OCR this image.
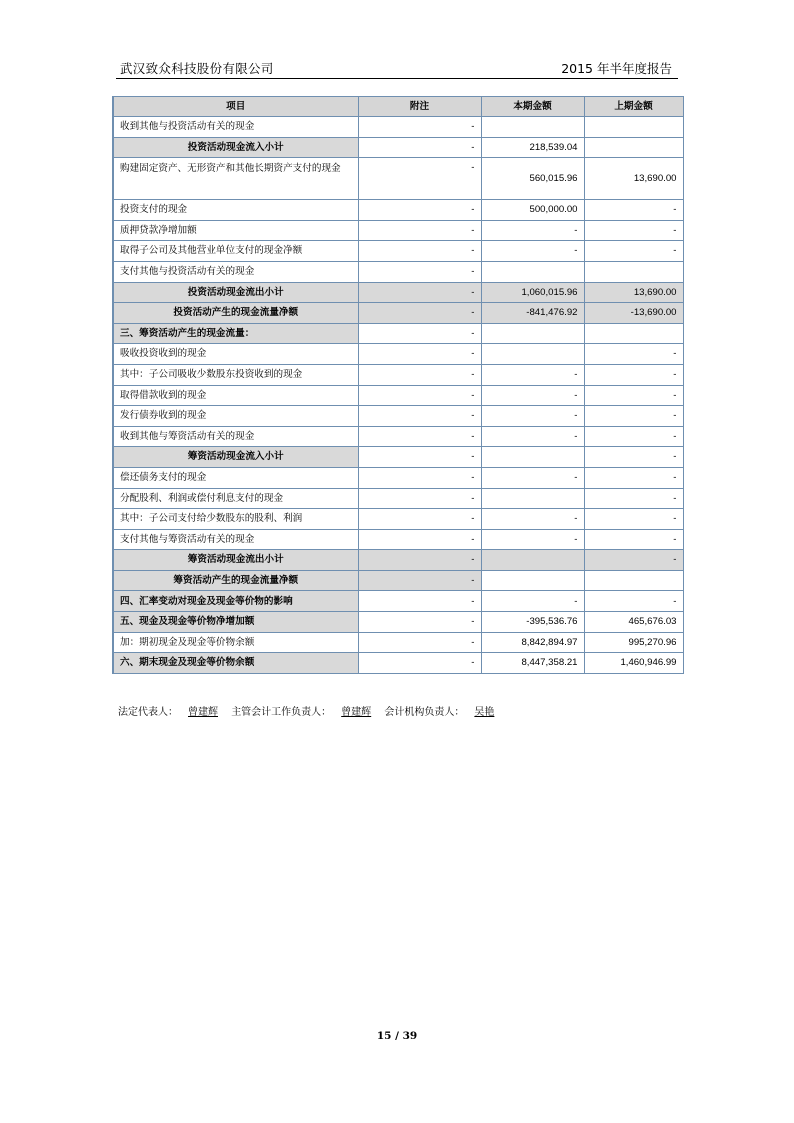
武汉致众科技股份有限公司	2015 年半年度报告
项目	附注	本期金额	上期金额
收到其他与投资活动有关的现金	-		
投资活动现金流入小计	-	218,539.04	
购建固定资产、无形资产和其他长期资产支付的现金	-	560,015.96	13,690.00
投资支付的现金	-	500,000.00	-
质押贷款净增加额	-	-	-
取得子公司及其他营业单位支付的现金净额	-	-	-
支付其他与投资活动有关的现金	-		
投资活动现金流出小计	-	1,060,015.96	13,690.00
投资活动产生的现金流量净额	-	-841,476.92	-13,690.00
三、筹资活动产生的现金流量：	-		
吸收投资收到的现金	-		-
其中：子公司吸收少数股东投资收到的现金	-	-	-
取得借款收到的现金	-	-	-
发行债券收到的现金	-	-	-
收到其他与筹资活动有关的现金	-	-	-
筹资活动现金流入小计	-		-
偿还债务支付的现金	-	-	-
分配股利、利润或偿付利息支付的现金	-		-
其中：子公司支付给少数股东的股利、利润	-	-	-
支付其他与筹资活动有关的现金	-	-	-
筹资活动现金流出小计	-		-
筹资活动产生的现金流量净额	-		
四、汇率变动对现金及现金等价物的影响	-	-	-
五、现金及现金等价物净增加额	-	-395,536.76	465,676.03
加：期初现金及现金等价物余额	-	8,842,894.97	995,270.96
六、期末现金及现金等价物余额	-	8,447,358.21	1,460,946.99
法定代表人： 曾建辉 主管会计工作负责人： 曾建辉 会计机构负责人： 吴艳
15 / 39
